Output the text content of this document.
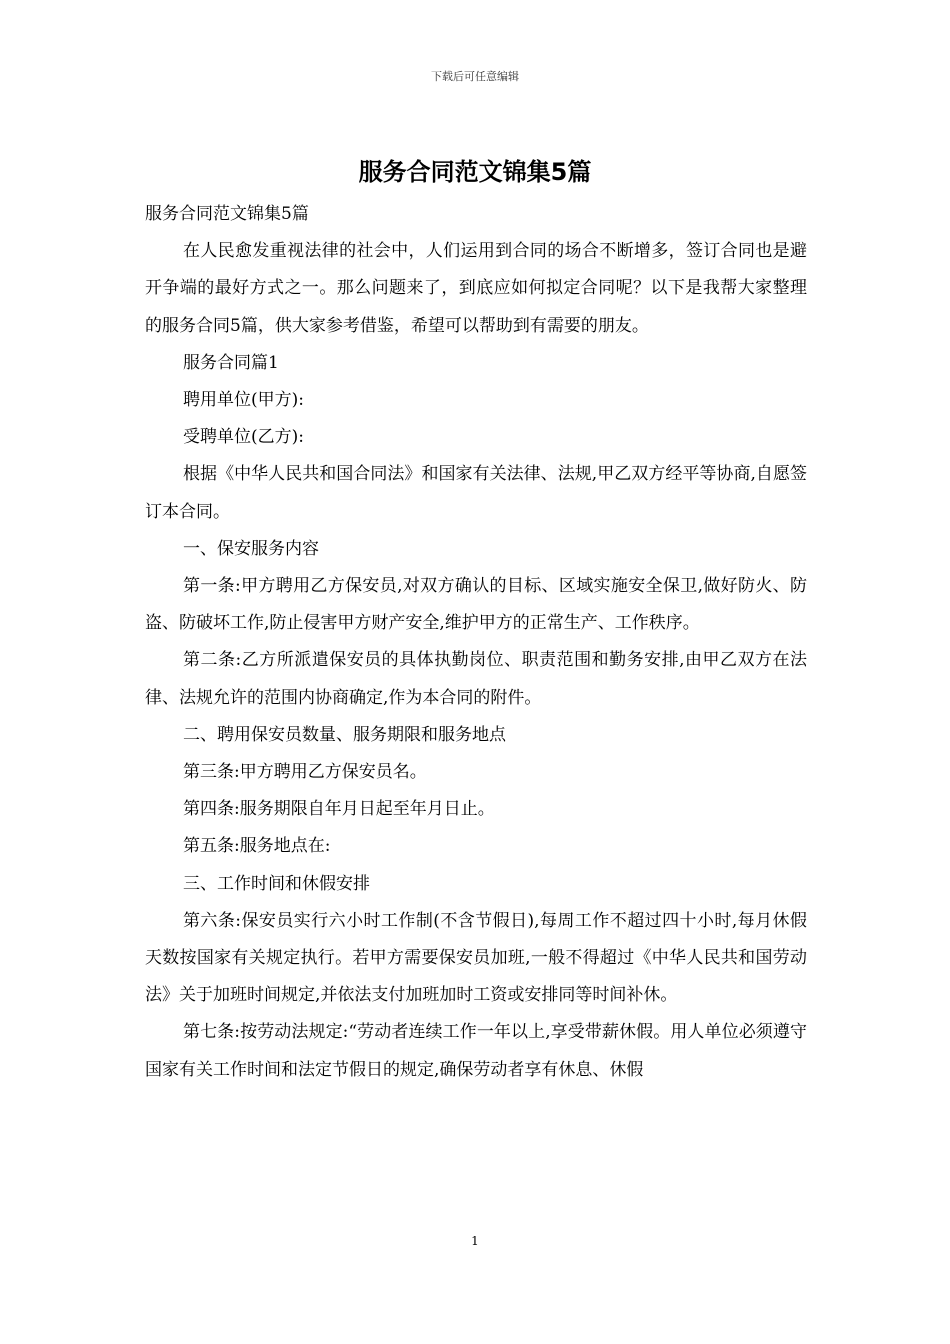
下载后可任意编辑
服务合同范文锦集5篇

服务合同范文锦集5篇

在人民愈发重视法律的社会中，人们运用到合同的场合不断增多，签订合同也是避开争端的最好方式之一。那么问题来了，到底应如何拟定合同呢？以下是我帮大家整理的服务合同5篇，供大家参考借鉴，希望可以帮助到有需要的朋友。

服务合同篇1

聘用单位(甲方):

受聘单位(乙方):

根据《中华人民共和国合同法》和国家有关法律、法规,甲乙双方经平等协商,自愿签订本合同。

一、保安服务内容

第一条:甲方聘用乙方保安员,对双方确认的目标、区域实施安全保卫,做好防火、防盗、防破坏工作,防止侵害甲方财产安全,维护甲方的正常生产、工作秩序。

第二条:乙方所派遣保安员的具体执勤岗位、职责范围和勤务安排,由甲乙双方在法律、法规允许的范围内协商确定,作为本合同的附件。

二、聘用保安员数量、服务期限和服务地点

第三条:甲方聘用乙方保安员名。

第四条:服务期限自年月日起至年月日止。

第五条:服务地点在:

三、工作时间和休假安排

第六条:保安员实行六小时工作制(不含节假日),每周工作不超过四十小时,每月休假天数按国家有关规定执行。若甲方需要保安员加班,一般不得超过《中华人民共和国劳动法》关于加班时间规定,并依法支付加班加时工资或安排同等时间补休。

第七条:按劳动法规定:“劳动者连续工作一年以上,享受带薪休假。用人单位必须遵守国家有关工作时间和法定节假日的规定,确保劳动者享有休息、休假

1
